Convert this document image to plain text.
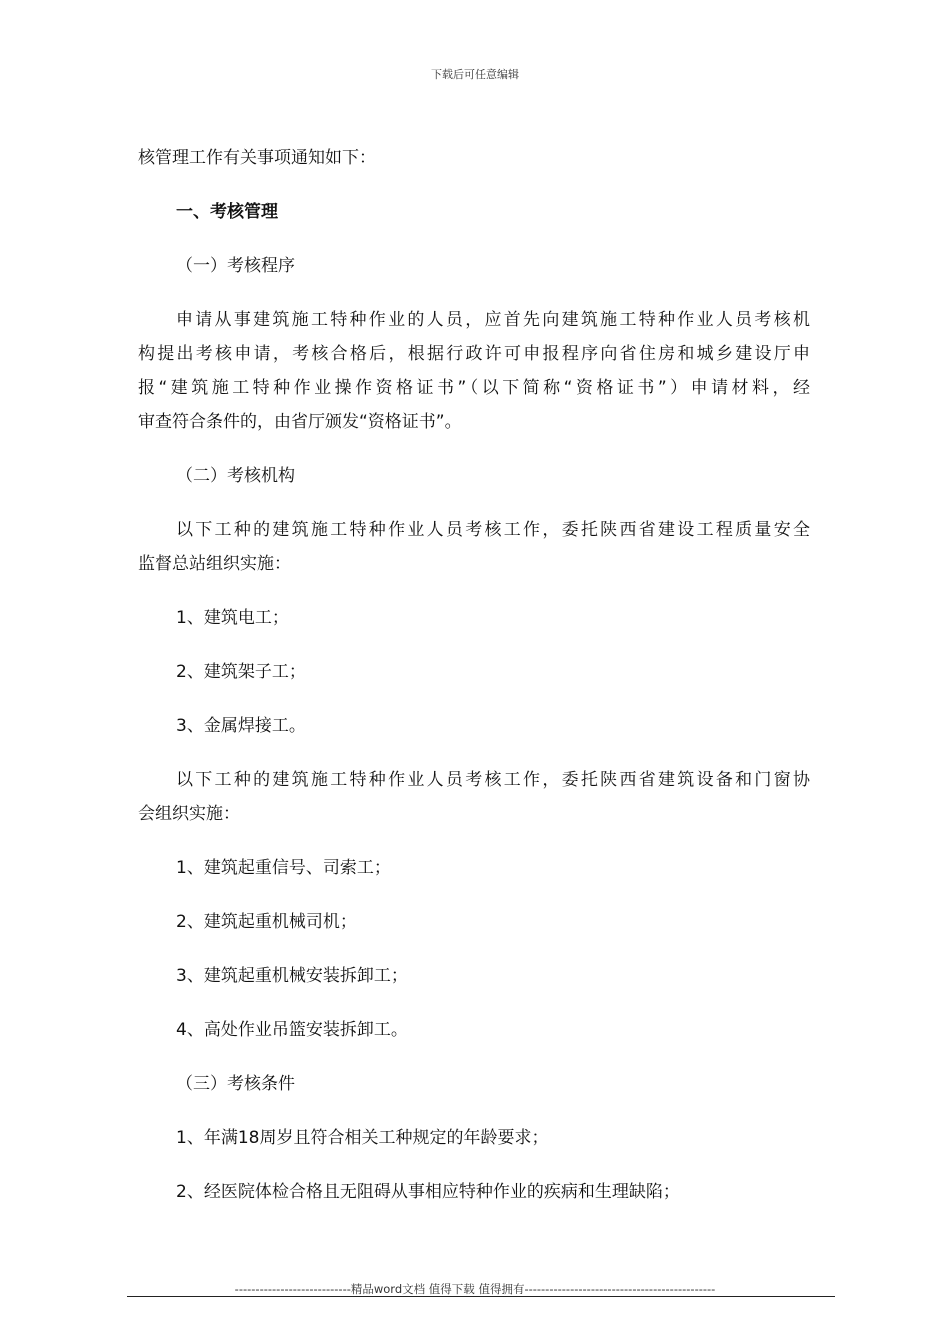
下载后可任意编辑

核管理工作有关事项通知如下：

一、考核管理

（一）考核程序

申请从事建筑施工特种作业的人员，应首先向建筑施工特种作业人员考核机

构提出考核申请，考核合格后，根据行政许可申报程序向省住房和城乡建设厅申

报“建筑施工特种作业操作资格证书”（以下简称“资格证书”）申请材料，经

审查符合条件的，由省厅颁发“资格证书”。

（二）考核机构

以下工种的建筑施工特种作业人员考核工作，委托陕西省建设工程质量安全

监督总站组织实施：

1、建筑电工；

2、建筑架子工；

3、金属焊接工。

以下工种的建筑施工特种作业人员考核工作，委托陕西省建筑设备和门窗协

会组织实施：

1、建筑起重信号、司索工；

2、建筑起重机械司机；

3、建筑起重机械安装拆卸工；

4、高处作业吊篮安装拆卸工。

（三）考核条件

1、年满18周岁且符合相关工种规定的年龄要求；

2、经医院体检合格且无阻碍从事相应特种作业的疾病和生理缺陷；

----------------------------精品word文档 值得下载 值得拥有----------------------------------------------
